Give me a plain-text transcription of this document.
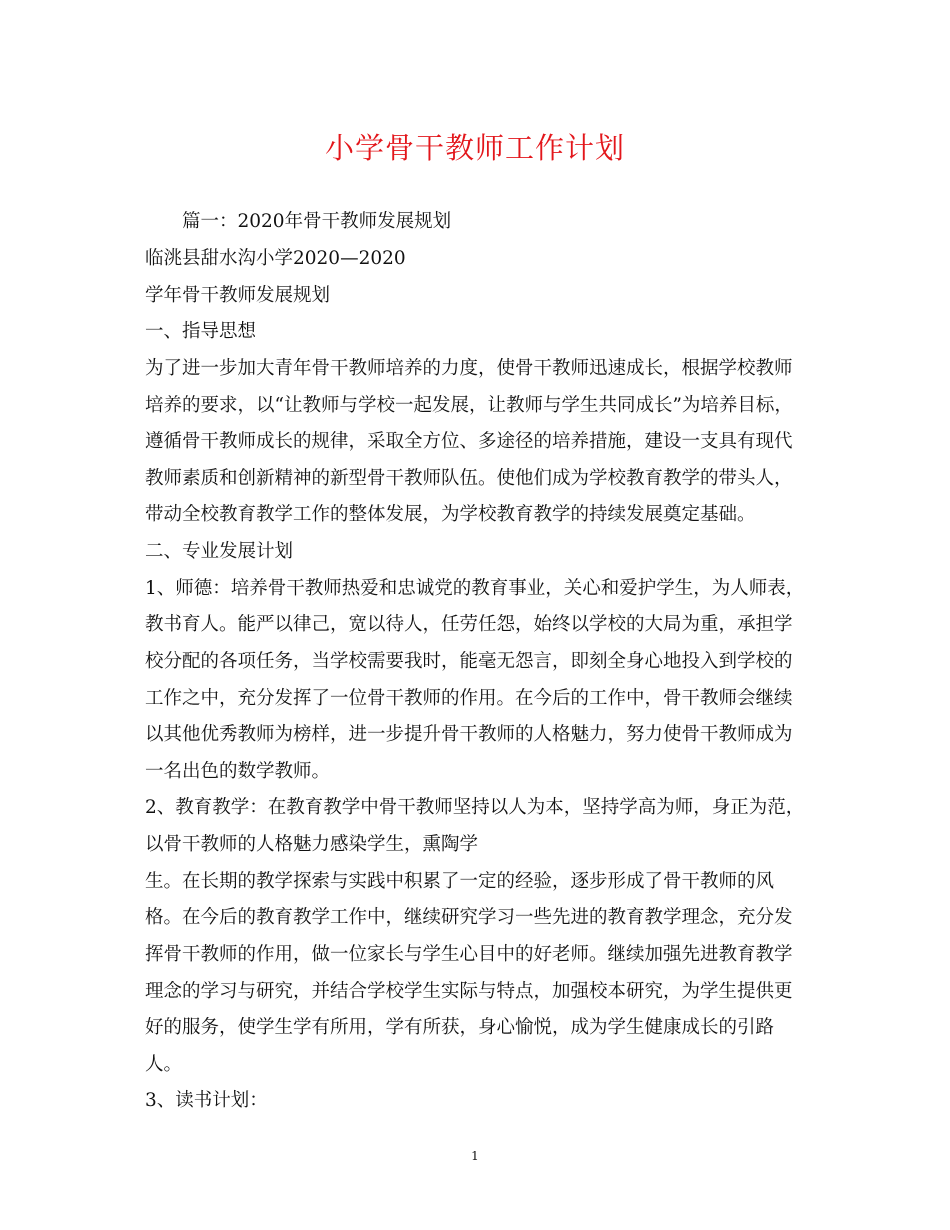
小学骨干教师工作计划
　　篇一：2020年骨干教师发展规划
临洮县甜水沟小学2020—2020
学年骨干教师发展规划
一、指导思想
为了进一步加大青年骨干教师培养的力度，使骨干教师迅速成长，根据学校教师
培养的要求，以“让教师与学校一起发展，让教师与学生共同成长”为培养目标，
遵循骨干教师成长的规律，采取全方位、多途径的培养措施，建设一支具有现代
教师素质和创新精神的新型骨干教师队伍。使他们成为学校教育教学的带头人，
带动全校教育教学工作的整体发展，为学校教育教学的持续发展奠定基础。
二、专业发展计划
1、师德：培养骨干教师热爱和忠诚党的教育事业，关心和爱护学生，为人师表，
教书育人。能严以律己，宽以待人，任劳任怨，始终以学校的大局为重，承担学
校分配的各项任务，当学校需要我时，能毫无怨言，即刻全身心地投入到学校的
工作之中，充分发挥了一位骨干教师的作用。在今后的工作中，骨干教师会继续
以其他优秀教师为榜样，进一步提升骨干教师的人格魅力，努力使骨干教师成为
一名出色的数学教师。
2、教育教学：在教育教学中骨干教师坚持以人为本，坚持学高为师，身正为范，
以骨干教师的人格魅力感染学生，熏陶学
生。在长期的教学探索与实践中积累了一定的经验，逐步形成了骨干教师的风
格。在今后的教育教学工作中，继续研究学习一些先进的教育教学理念，充分发
挥骨干教师的作用，做一位家长与学生心目中的好老师。继续加强先进教育教学
理念的学习与研究，并结合学校学生实际与特点，加强校本研究，为学生提供更
好的服务，使学生学有所用，学有所获，身心愉悦，成为学生健康成长的引路
人。
3、读书计划：
1
